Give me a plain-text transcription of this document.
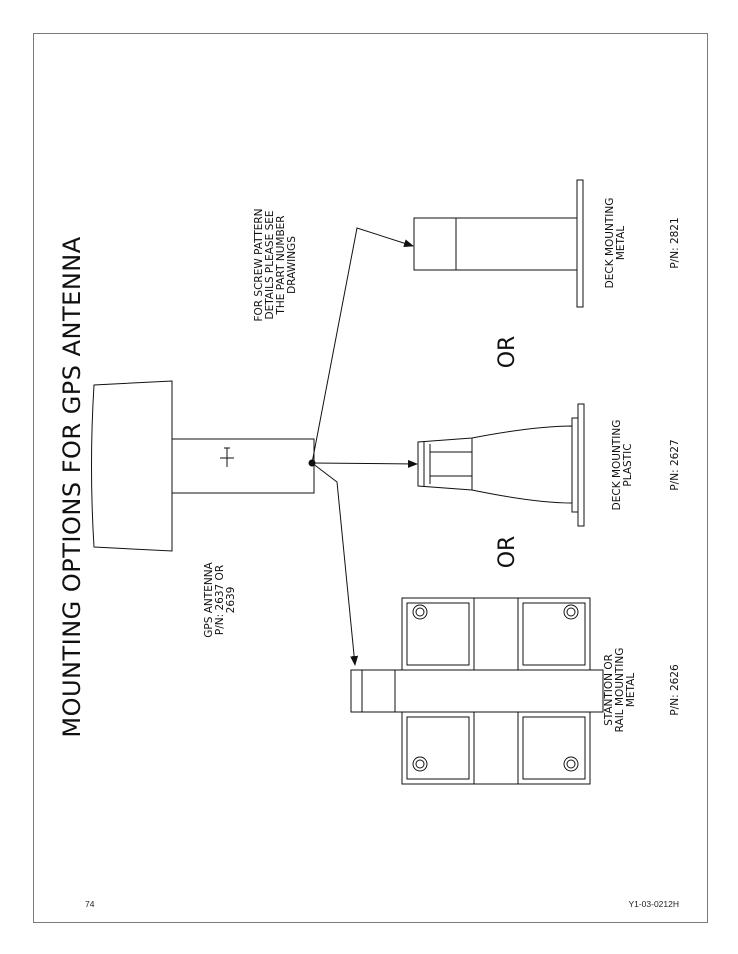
MOUNTING OPTIONS FOR GPS ANTENNA	FOR SCREW PATTERN DETAILS PLEASE SEE THE PART NUMBER DRAWINGS
GPS ANTENNA P/N: 2637 OR 2639
OR
OR
STANTION OR RAIL MOUNTING METAL	P/N: 2626
DECK MOUNTING PLASTIC	P/N: 2627
DECK MOUNTING METAL	P/N: 2821
74	Y1-03-0212H
